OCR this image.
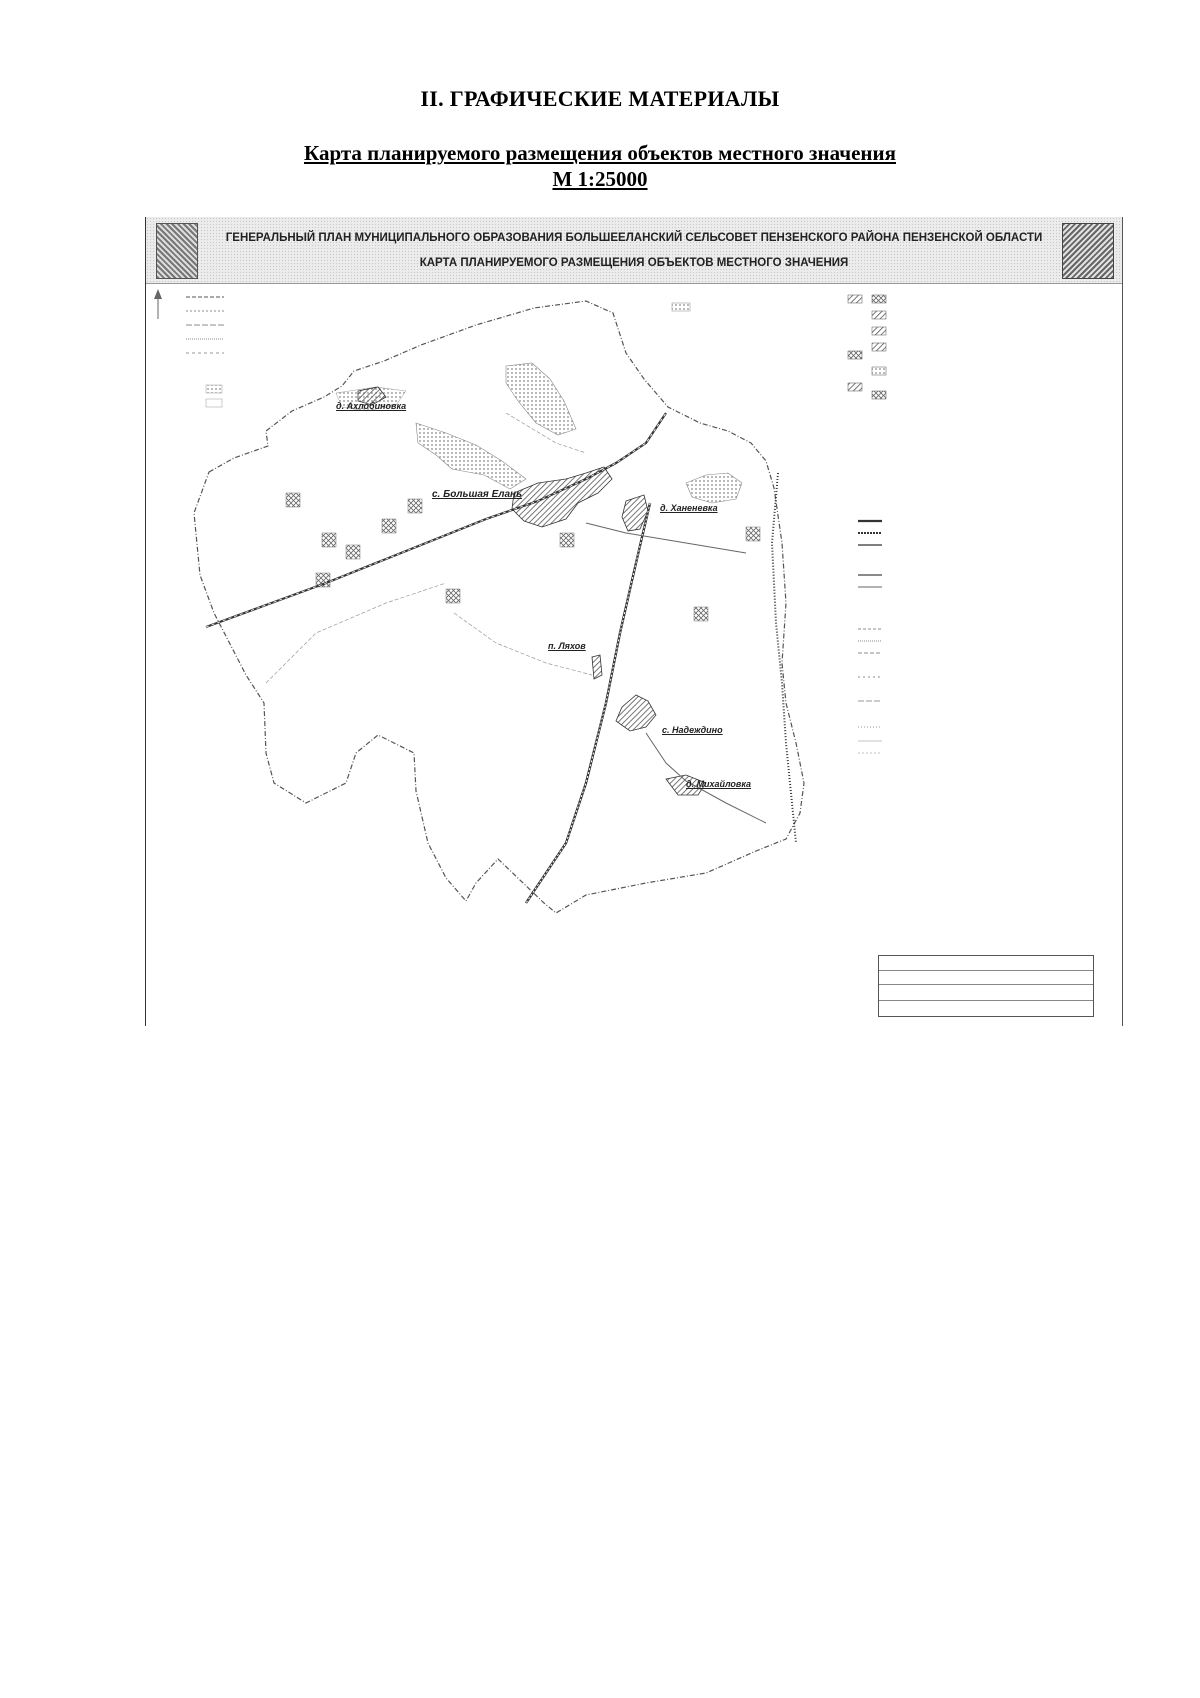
II. ГРАФИЧЕСКИЕ МАТЕРИАЛЫ
Карта планируемого размещения объектов местного значения
М 1:25000
ГЕНЕРАЛЬНЫЙ ПЛАН МУНИЦИПАЛЬНОГО ОБРАЗОВАНИЯ БОЛЬШЕЕЛАНСКИЙ СЕЛЬСОВЕТ ПЕНЗЕНСКОГО РАЙОНА ПЕНЗЕНСКОЙ ОБЛАСТИ
КАРТА ПЛАНИРУЕМОГО РАЗМЕЩЕНИЯ ОБЪЕКТОВ МЕСТНОГО ЗНАЧЕНИЯ
д. Ахлобиновка
с. Большая Елань
д. Ханеневка
п. Ляхов
с. Надеждино
д. Михайловка
